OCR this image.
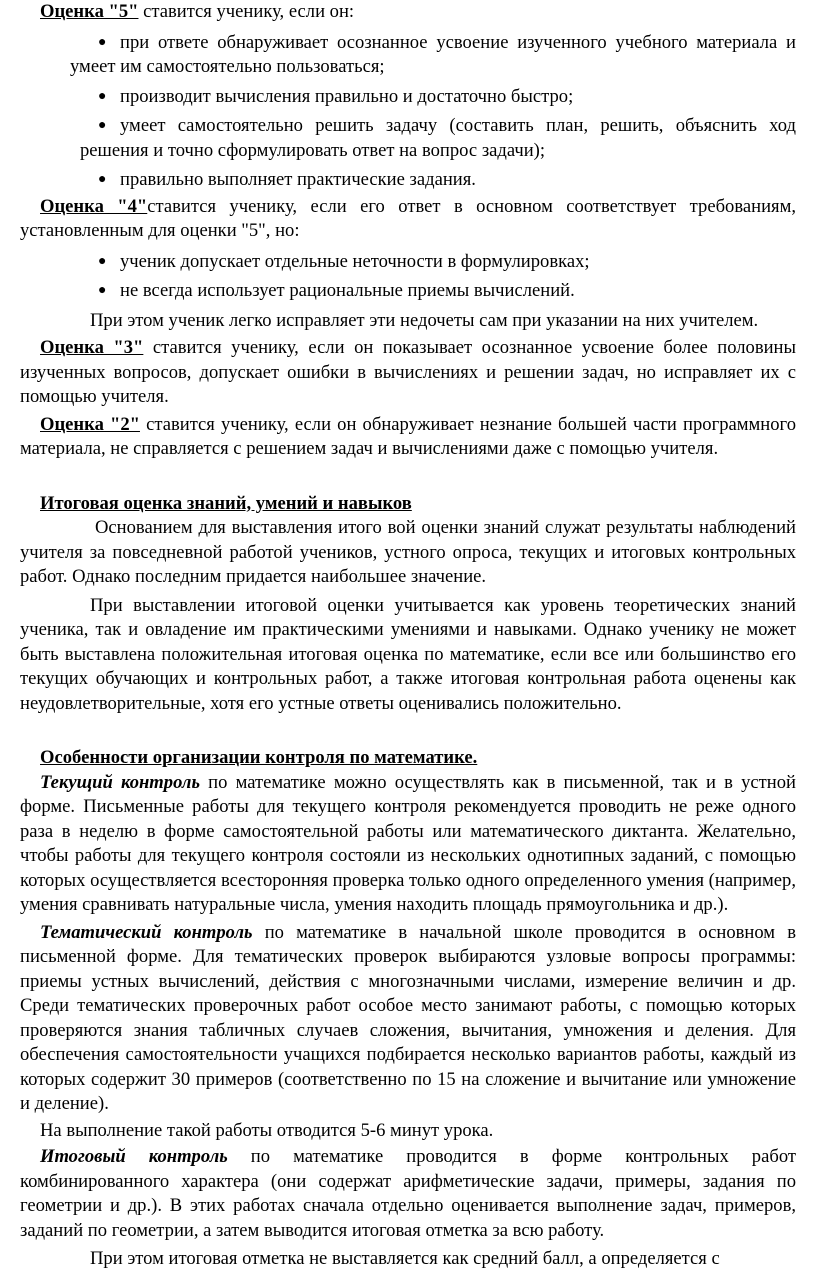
Оценка "5" ставится ученику, если он:

● при ответе обнаруживает осознанное усвоение изученного учебного материала и умеет им самостоятельно пользоваться;
● производит вычисления правильно и достаточно быстро;
● умеет самостоятельно решить задачу (составить план, решить, объяснить ход решения и точно сформулировать ответ на вопрос задачи);
● правильно выполняет практические задания.

Оценка "4"ставится ученику, если его ответ в основном соответствует требованиям, установленным для оценки "5", но:

● ученик допускает отдельные неточности в формулировках;
● не всегда использует рациональные приемы вычислений.

При этом ученик легко исправляет эти недочеты сам при указании на них учителем.

Оценка "3" ставится ученику, если он показывает осознанное усвоение более половины изученных вопросов, допускает ошибки в вычислениях и решении задач, но исправляет их с помощью учителя.

Оценка "2" ставится ученику, если он обнаруживает незнание большей части программного материала, не справляется с решением задач и вычислениями даже с помощью учителя.

Итоговая оценка знаний, умений и навыков

Основанием для выставления итого вой оценки знаний служат результаты наблюдений учителя за повседневной работой учеников, устного опроса, текущих и итоговых контрольных работ. Однако последним придается наибольшее значение.

При выставлении итоговой оценки учитывается как уровень теоретических знаний ученика, так и овладение им практическими умениями и навыками. Однако ученику не может быть выставлена положительная итоговая оценка по математике, если все или большинство его текущих обучающих и контрольных работ, а также итоговая контрольная работа оценены как неудовлетворительные, хотя его устные ответы оценивались положительно.

Особенности организации контроля по математике.

Текущий контроль по математике можно осуществлять как в письменной, так и в устной форме. Письменные работы для текущего контроля рекомендуется проводить не реже одного раза в неделю в форме самостоятельной работы или математического диктанта. Желательно, чтобы работы для текущего контроля состояли из нескольких однотипных заданий, с помощью которых осуществляется всесторонняя проверка только одного определенного умения (например, умения сравнивать натуральные числа, умения находить площадь прямоугольника и др.).

Тематический контроль по математике в начальной школе проводится в основном в письменной форме. Для тематических проверок выбираются узловые вопросы программы: приемы устных вычислений, действия с многозначными числами, измерение величин и др. Среди тематических проверочных работ особое место занимают работы, с помощью которых проверяются знания табличных случаев сложения, вычитания, умножения и деления. Для обеспечения самостоятельности учащихся подбирается несколько вариантов работы, каждый из которых содержит 30 примеров (соответственно по 15 на сложение и вычитание или умножение и деление).

На выполнение такой работы отводится 5-6 минут урока.

Итоговый контроль по математике проводится в форме контрольных работ комбинированного характера (они содержат арифметические задачи, примеры, задания по геометрии и др.). В этих работах сначала отдельно оценивается выполнение задач, примеров, заданий по геометрии, а затем выводится итоговая отметка за всю работу.

При этом итоговая отметка не выставляется как средний балл, а определяется с
